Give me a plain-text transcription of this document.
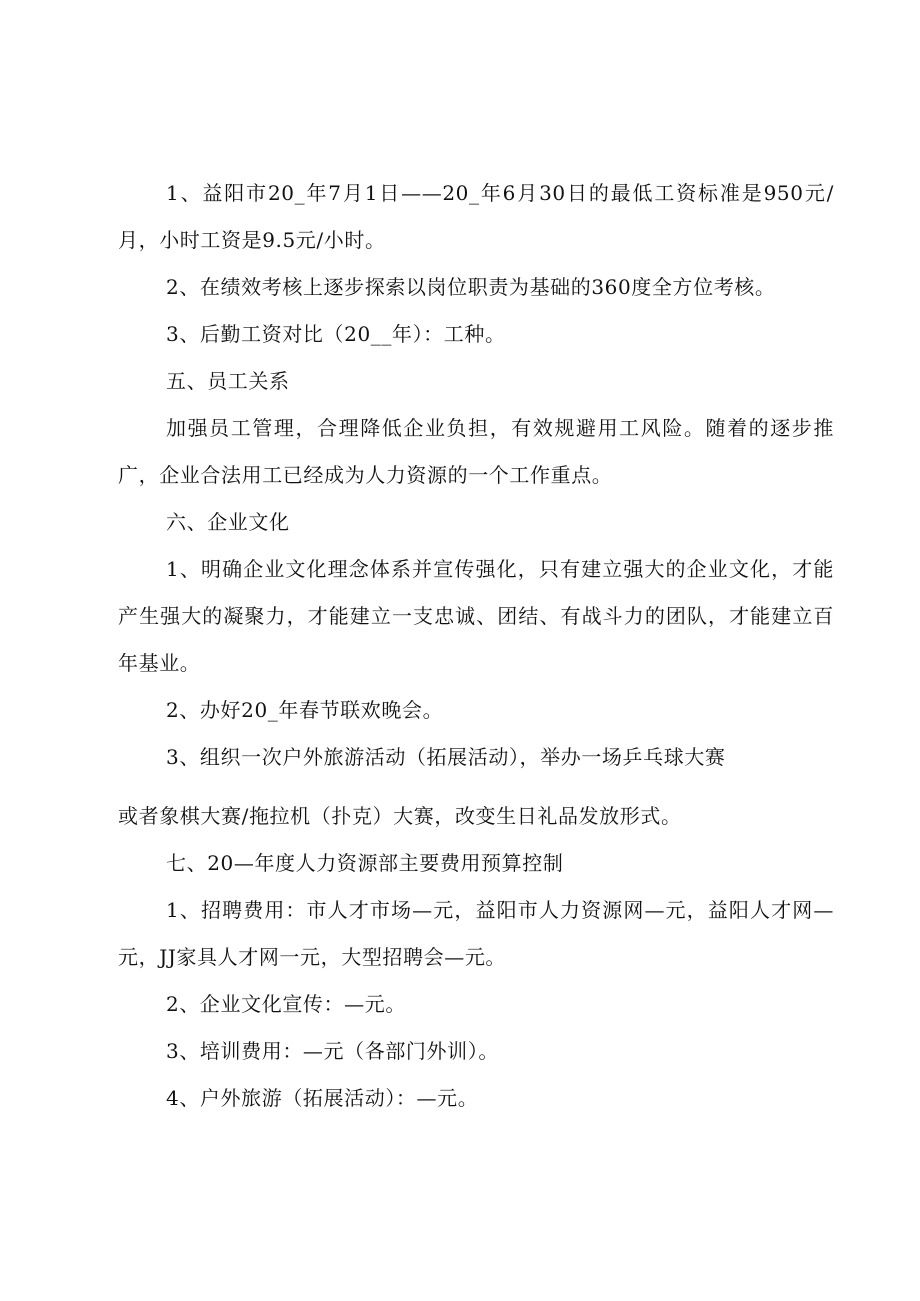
1、益阳市20_年7月1日——20_年6月30日的最低工资标准是950元/月，小时工资是9.5元/小时。

2、在绩效考核上逐步探索以岗位职责为基础的360度全方位考核。

3、后勤工资对比（20__年）：工种。

五、员工关系

加强员工管理，合理降低企业负担，有效规避用工风险。随着的逐步推广，企业合法用工已经成为人力资源的一个工作重点。

六、企业文化

1、明确企业文化理念体系并宣传强化，只有建立强大的企业文化，才能产生强大的凝聚力，才能建立一支忠诚、团结、有战斗力的团队，才能建立百年基业。

2、办好20_年春节联欢晚会。

3、组织一次户外旅游活动（拓展活动），举办一场乒乓球大赛

或者象棋大赛/拖拉机（扑克）大赛，改变生日礼品发放形式。

七、20—年度人力资源部主要费用预算控制

1、招聘费用：市人才市场—元，益阳市人力资源网—元，益阳人才网—元，JJ家具人才网一元，大型招聘会—元。

2、企业文化宣传：—元。

3、培训费用：—元（各部门外训）。

4、户外旅游（拓展活动）：—元。
